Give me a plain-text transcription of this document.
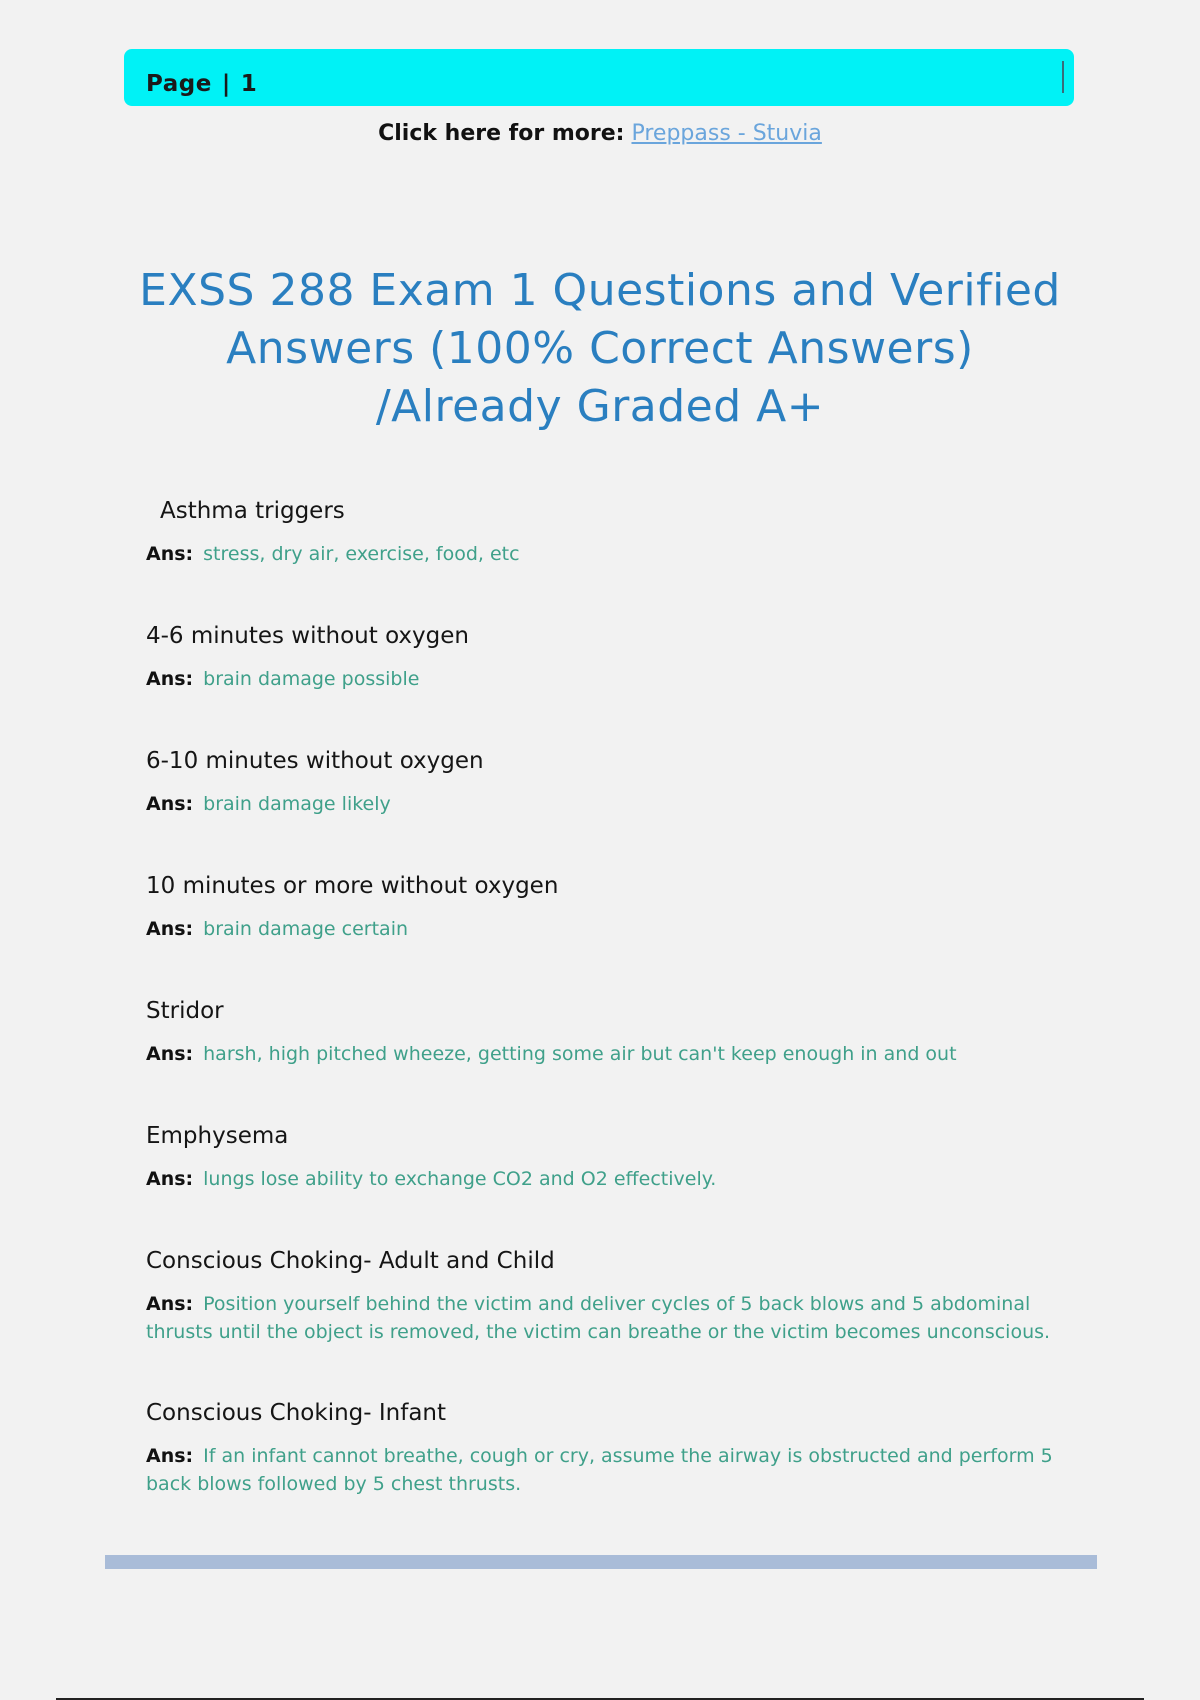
Page | 1
Click here for more: Preppass - Stuvia
EXSS 288 Exam 1 Questions and Verified Answers (100% Correct Answers) /Already Graded A+
Asthma triggers
Ans: stress, dry air, exercise, food, etc
4-6 minutes without oxygen
Ans: brain damage possible
6-10 minutes without oxygen
Ans: brain damage likely
10 minutes or more without oxygen
Ans: brain damage certain
Stridor
Ans: harsh, high pitched wheeze, getting some air but can't keep enough in and out
Emphysema
Ans: lungs lose ability to exchange CO2 and O2 effectively.
Conscious Choking- Adult and Child
Ans: Position yourself behind the victim and deliver cycles of 5 back blows and 5 abdominal thrusts until the object is removed, the victim can breathe or the victim becomes unconscious.
Conscious Choking- Infant
Ans: If an infant cannot breathe, cough or cry, assume the airway is obstructed and perform 5 back blows followed by 5 chest thrusts.
